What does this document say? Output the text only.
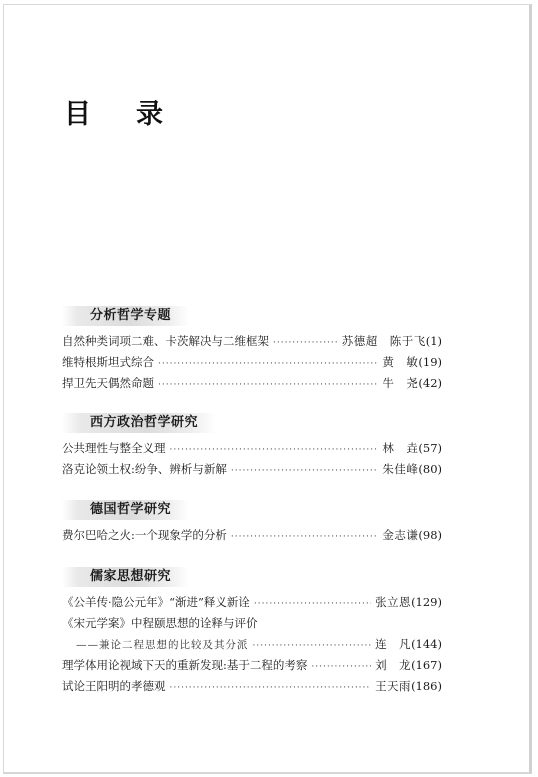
目 录
分析哲学专题
自然种类词项二难、卡茨解决与二维框架 ·····	苏德超　陈于飞 (1)
维特根斯坦式综合 ·····	黄　敏 (19)
捍卫先天偶然命题 ·····	牛　尧 (42)
西方政治哲学研究
公共理性与整全义理 ·····	林　垚 (57)
洛克论领土权:纷争、辨析与新解 ·····	朱佳峰 (80)
德国哲学研究
费尔巴哈之火:一个现象学的分析 ·····	金志谦 (98)
儒家思想研究
《公羊传·隐公元年》“渐进”释义新诠 ·····	张立恩 (129)
《宋元学案》中程颐思想的诠释与评价
——兼论二程思想的比较及其分派 ·····	连　凡 (144)
理学体用论视域下天的重新发现:基于二程的考察 ·····	刘　龙 (167)
试论王阳明的孝德观 ·····	王天雨 (186)
